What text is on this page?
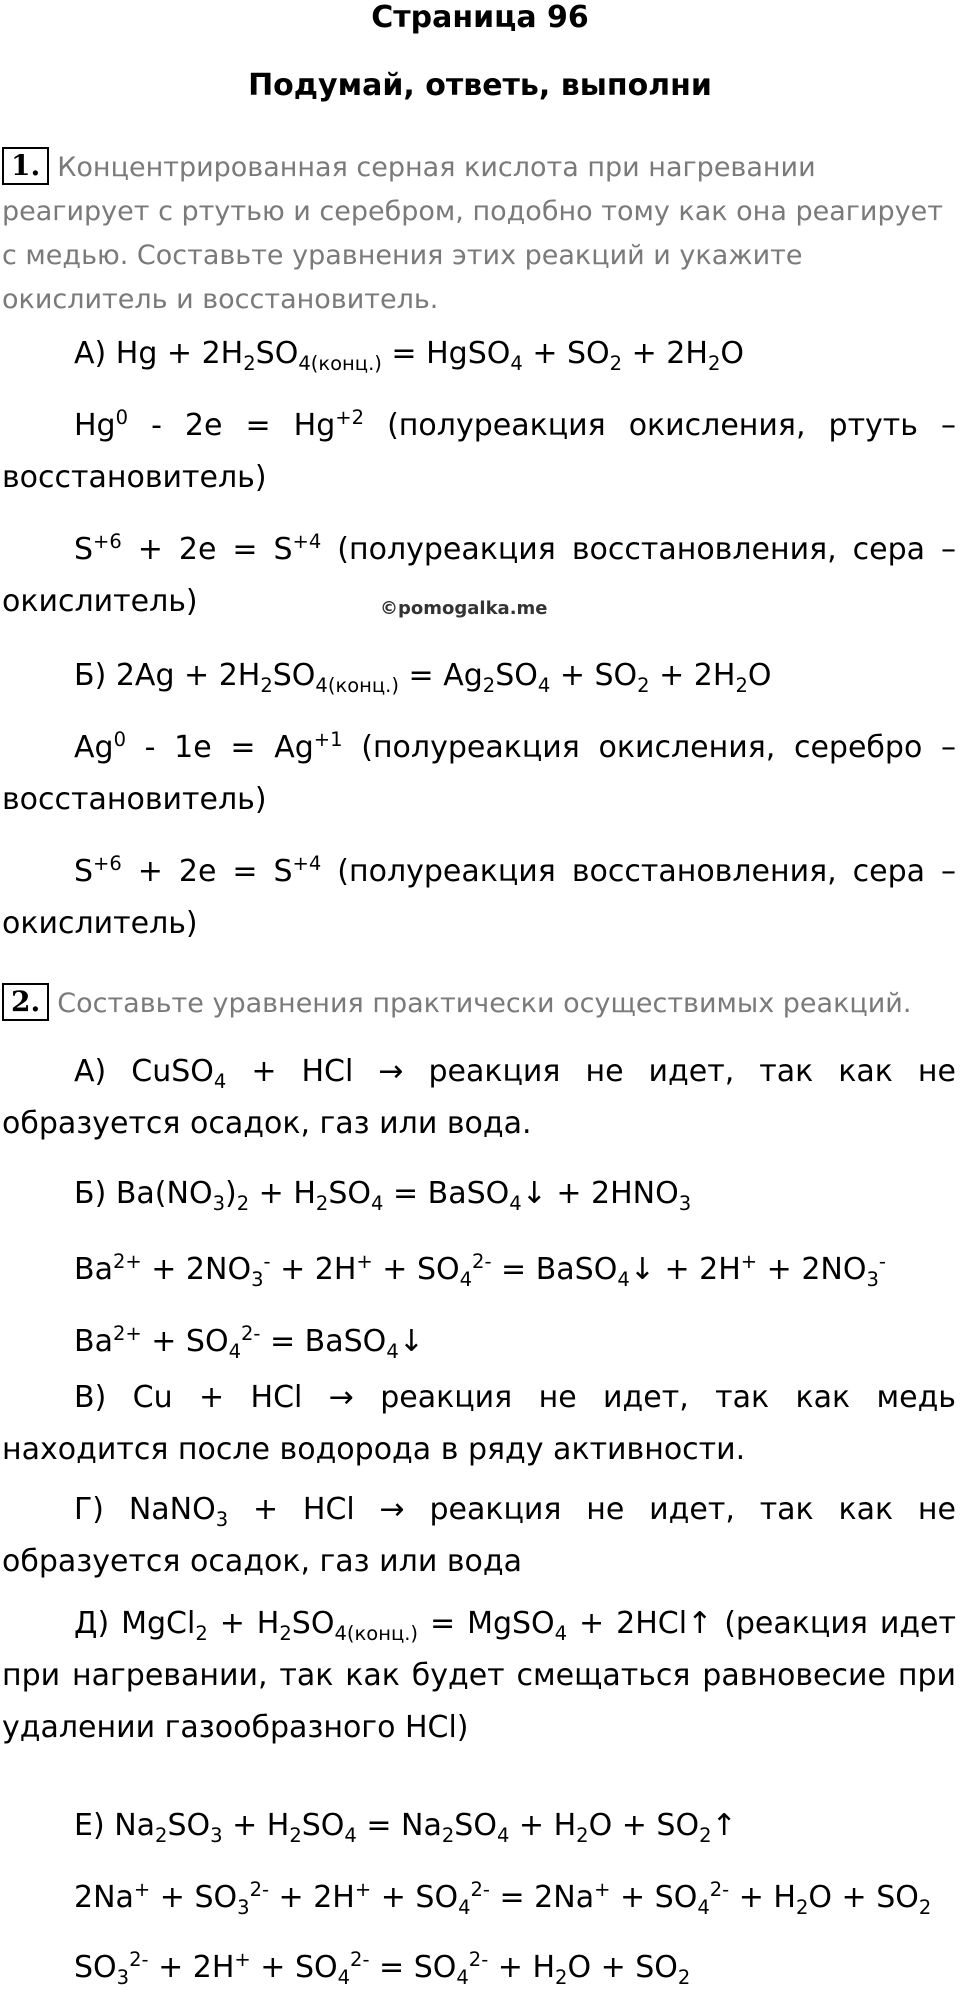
Страница 96
Подумай, ответь, выполни
1. Концентрированная серная кислота при нагревании реагирует с ртутью и серебром, подобно тому как она реагирует с медью. Составьте уравнения этих реакций и укажите окислитель и восстановитель.
А) $Hg + 2H_2SO_{4(конц.)}$ = HgSO$_4$ + $SO_2 + 2H_2O$
$Hg^0 - 2e = Hg^{+2}$ (полуреакция окисления, ртуть – восстановитель)
$S^{+6} + 2e = S^{+4}$ (полуреакция восстановления, сера – окислитель)	©pomogalka.me
Б) $2Ag + 2H_2SO_{4(конц.)} = Ag_2SO_4 + SO_2 + 2H_2O$
$Ag^0 - 1e = Ag^{+1}$ (полуреакция окисления, серебро – восстановитель)
$S^{+6} + 2e = S^{+4}$ (полуреакция восстановления, сера – окислитель)
2. Составьте уравнения практически осуществимых реакций.
А) CuSO$_4$ + HCl → реакция не идет, так как не образуется осадок, газ или вода.
Б) $Ba(NO_3)_2 + H_2SO_4$ = BaSO$_4$↓ + $2HNO_3$
$Ba^{2+} + 2NO_3^- + 2H^+ + SO_4^{2-}$ = BaSO$_4$↓ + $2H^+ + 2NO_3^-$
$Ba^{2+} + SO_4^{2-}$ = BaSO$_4$↓
В) Cu + HCl → реакция не идет, так как медь находится после водорода в ряду активности.
Г) NaNO$_3$ + HCl → реакция не идет, так как не образуется осадок, газ или вода
Д) MgCl$_2$ + $H_2SO_{4(конц.)}$ = MgSO$_4$ + 2HCl↑ (реакция идет при нагревании, так как будет смещаться равновесие при удалении газообразного HCl)
Е) $Na_2SO_3 + H_2SO_4 = Na_2SO_4 + H_2O$ + $SO_2↑$
$2Na^+ + SO_3^{2-} + 2H^+ + SO_4^{2-} = 2Na^+ + SO_4^{2-} + H_2O + SO_2$
$SO_3^{2-} + 2H^+ + SO_4^{2-} = SO_4^{2-} + H_2O + SO_2$
